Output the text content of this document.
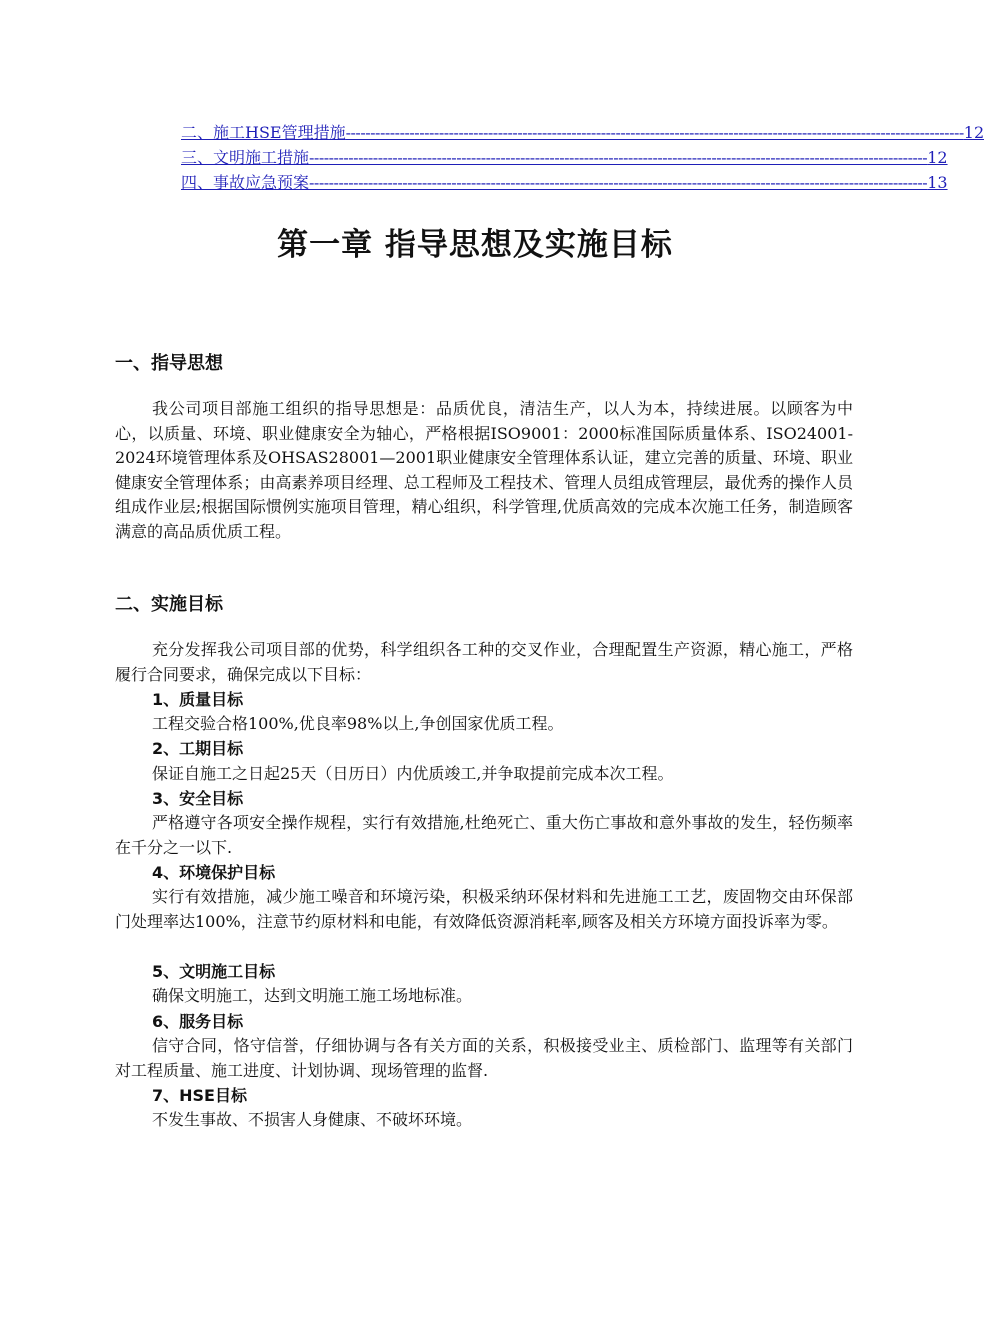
二、施工HSE管理措施 ------------------------------------------------------------------------------------------------------------------------------ 12
三、文明施工措施 ------------------------------------------------------------------------------------------------------------------------------ 12
四、事故应急预案 ------------------------------------------------------------------------------------------------------------------------------ 13
第一章 指导思想及实施目标
一、指导思想
我公司项目部施工组织的指导思想是：品质优良，清洁生产，以人为本，持续进展。以顾客为中心，以质量、环境、职业健康安全为轴心，严格根据ISO9001：2000标准国际质量体系、ISO24001-2024环境管理体系及OHSAS28001—2001职业健康安全管理体系认证，建立完善的质量、环境、职业健康安全管理体系；由高素养项目经理、总工程师及工程技术、管理人员组成管理层，最优秀的操作人员组成作业层;根据国际惯例实施项目管理，精心组织，科学管理,优质高效的完成本次施工任务，制造顾客满意的高品质优质工程。
二、实施目标
充分发挥我公司项目部的优势，科学组织各工种的交叉作业，合理配置生产资源，精心施工，严格履行合同要求，确保完成以下目标：
1、质量目标
工程交验合格100%,优良率98%以上,争创国家优质工程。
2、工期目标
保证自施工之日起25天（日历日）内优质竣工,并争取提前完成本次工程。
3、安全目标
严格遵守各项安全操作规程，实行有效措施,杜绝死亡、重大伤亡事故和意外事故的发生，轻伤频率在千分之一以下.
4、环境保护目标
实行有效措施，减少施工噪音和环境污染，积极采纳环保材料和先进施工工艺，废固物交由环保部门处理率达100%，注意节约原材料和电能，有效降低资源消耗率,顾客及相关方环境方面投诉率为零。
5、文明施工目标
确保文明施工，达到文明施工施工场地标准。
6、服务目标
信守合同，恪守信誉，仔细协调与各有关方面的关系，积极接受业主、质检部门、监理等有关部门对工程质量、施工进度、计划协调、现场管理的监督.
7、HSE目标
不发生事故、不损害人身健康、不破坏环境。
